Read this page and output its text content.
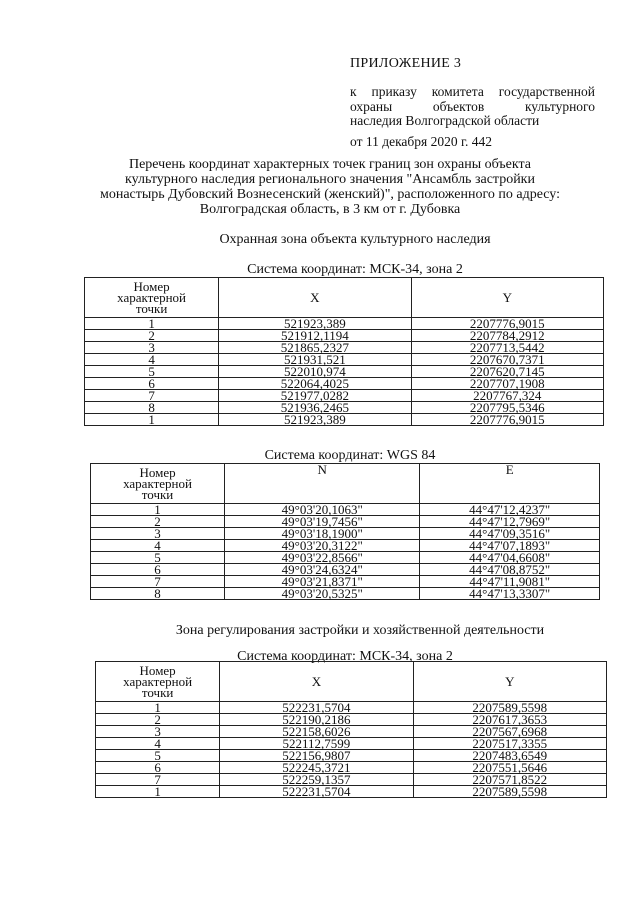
ПРИЛОЖЕНИЕ 3
к приказу комитета государственной
охраны	объектов	культурного
наследия Волгоградской области
от 11 декабря 2020 г. 442
Перечень координат характерных точек границ зон охраны объекта
культурного наследия регионального значения "Ансамбль застройки
монастырь Дубовский Вознесенский (женский)", расположенного по адресу:
Волгоградская область, в 3 км от г. Дубовка
Охранная зона объекта культурного наследия
Система координат: МСК-34, зона 2
Номер
характерной
точки	X	Y
1	521923,389	2207776,9015
2	521912,1194	2207784,2912
3	521865,2327	2207713,5442
4	521931,521	2207670,7371
5	522010,974	2207620,7145
6	522064,4025	2207707,1908
7	521977,0282	2207767,324
8	521936,2465	2207795,5346
1	521923,389	2207776,9015
Система координат: WGS 84
Номер
характерной
точки	N	E
1	49°03'20,1063"	44°47'12,4237"
2	49°03'19,7456"	44°47'12,7969"
3	49°03'18,1900"	44°47'09,3516"
4	49°03'20,3122"	44°47'07,1893"
5	49°03'22,8566"	44°47'04,6608"
6	49°03'24,6324"	44°47'08,8752"
7	49°03'21,8371"	44°47'11,9081"
8	49°03'20,5325"	44°47'13,3307"
Зона регулирования застройки и хозяйственной деятельности
Система координат: МСК-34, зона 2
Номер
характерной
точки	X	Y
1	522231,5704	2207589,5598
2	522190,2186	2207617,3653
3	522158,6026	2207567,6968
4	522112,7599	2207517,3355
5	522156,9807	2207483,6549
6	522245,3721	2207551,5646
7	522259,1357	2207571,8522
1	522231,5704	2207589,5598
